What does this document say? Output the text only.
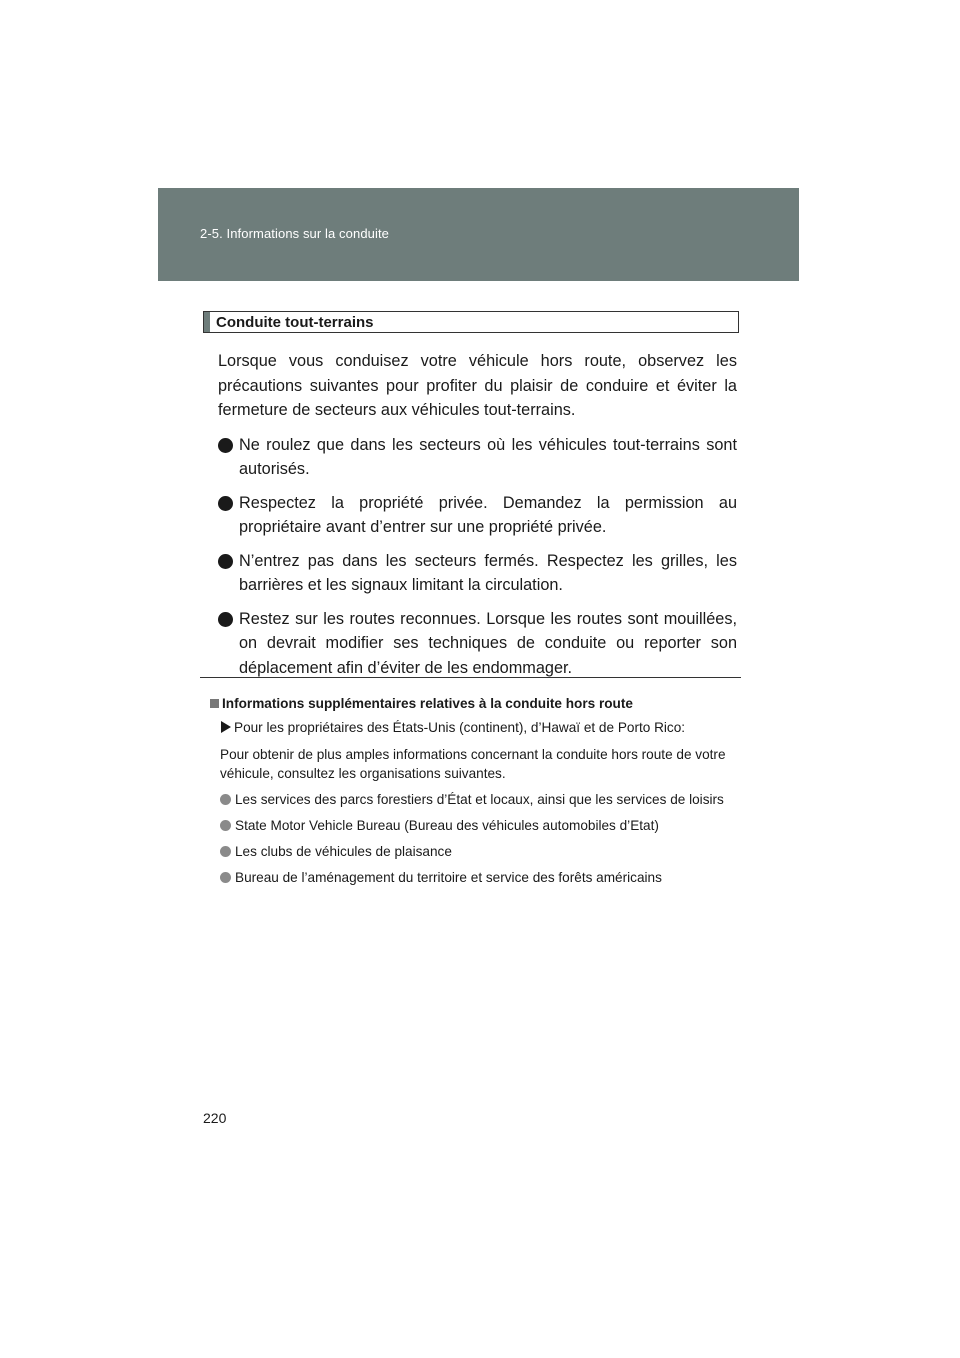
2-5. Informations sur la conduite
Conduite tout-terrains

Lorsque vous conduisez votre véhicule hors route, observez les précautions suivantes pour profiter du plaisir de conduire et éviter la fermeture de secteurs aux véhicules tout-terrains.

Ne roulez que dans les secteurs où les véhicules tout-terrains sont autorisés.
Respectez la propriété privée. Demandez la permission au propriétaire avant d’entrer sur une propriété privée.
N’entrez pas dans les secteurs fermés. Respectez les grilles, les barrières et les signaux limitant la circulation.
Restez sur les routes reconnues. Lorsque les routes sont mouillées, on devrait modifier ses techniques de conduite ou reporter son déplacement afin d’éviter de les endommager.
Informations supplémentaires relatives à la conduite hors route
Pour les propriétaires des États-Unis (continent), d’Hawaï et de Porto Rico:

Pour obtenir de plus amples informations concernant la conduite hors route de votre véhicule, consultez les organisations suivantes.

Les services des parcs forestiers d’État et locaux, ainsi que les services de loisirs
State Motor Vehicle Bureau (Bureau des véhicules automobiles d’Etat)
Les clubs de véhicules de plaisance
Bureau de l’aménagement du territoire et service des forêts américains
220
